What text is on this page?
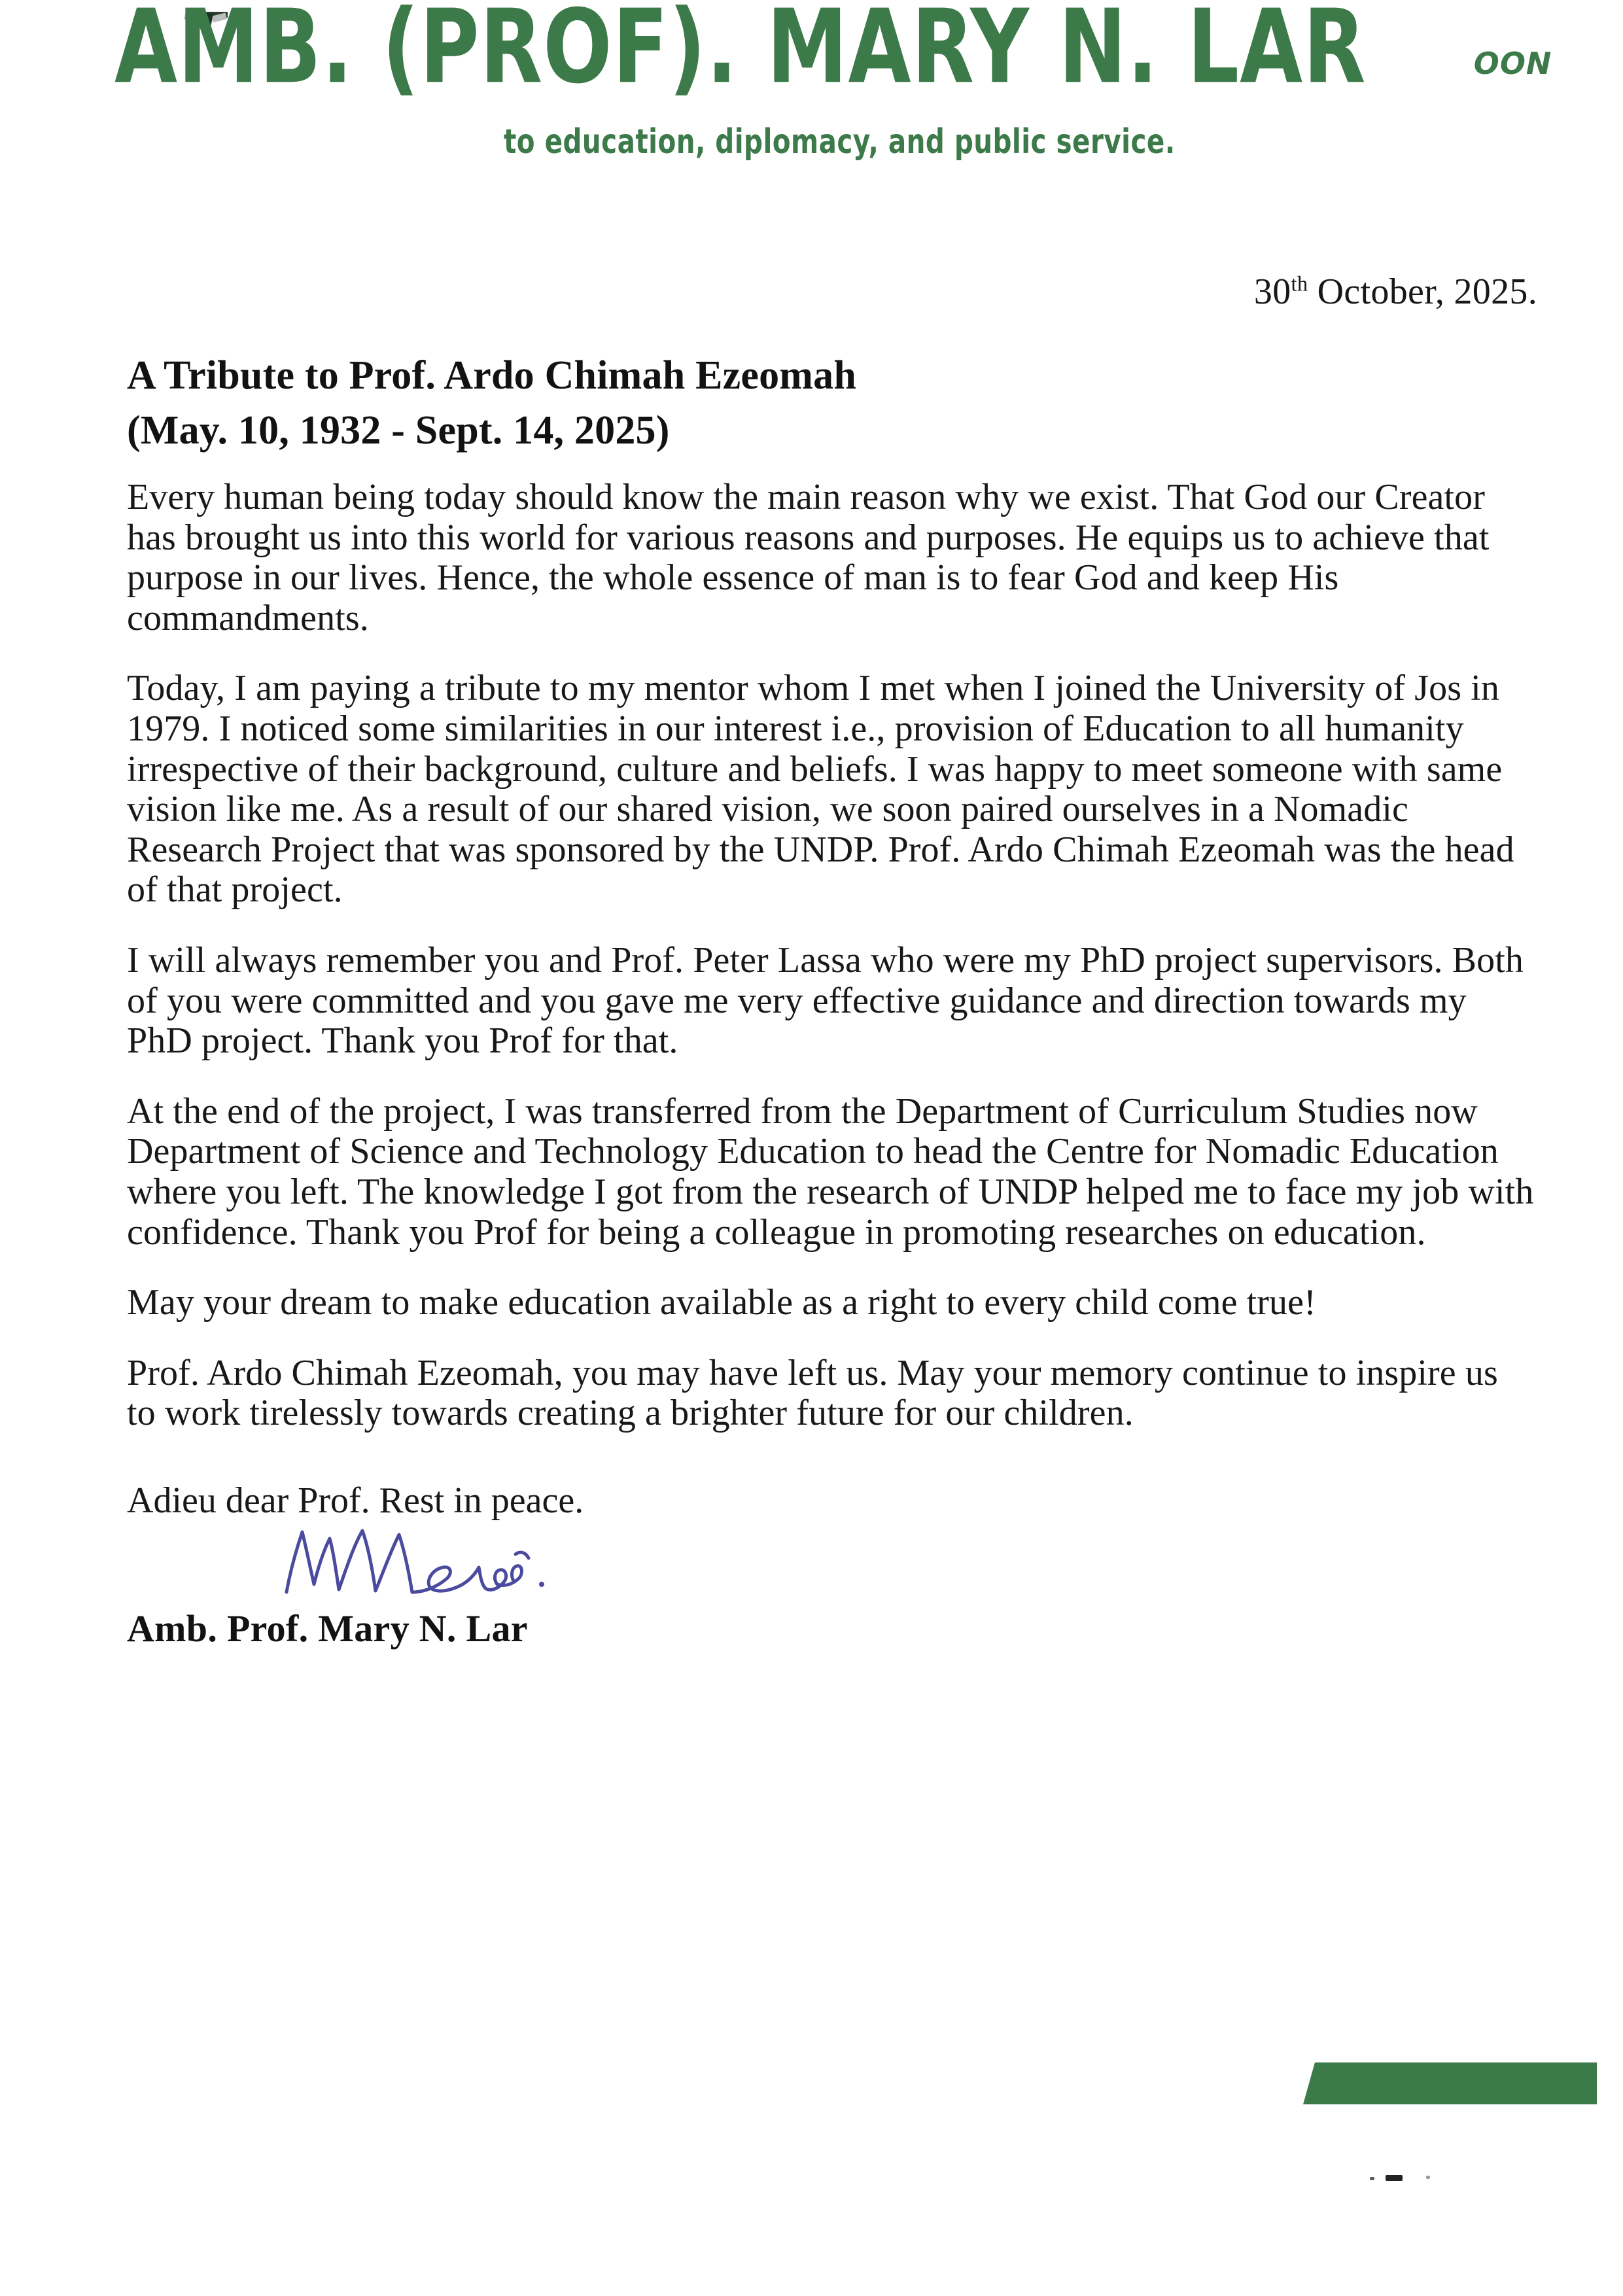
AMB. (PROF). MARY N. LAR	OON
to education, diplomacy, and public service.
30th October, 2025.
A Tribute to Prof. Ardo Chimah Ezeomah
(May. 10, 1932 - Sept. 14, 2025)

Every human being today should know the main reason why we exist. That God our Creator has brought us into this world for various reasons and purposes. He equips us to achieve that purpose in our lives. Hence, the whole essence of man is to fear God and keep His commandments.

Today, I am paying a tribute to my mentor whom I met when I joined the University of Jos in 1979. I noticed some similarities in our interest i.e., provision of Education to all humanity irrespective of their background, culture and beliefs. I was happy to meet someone with same vision like me. As a result of our shared vision, we soon paired ourselves in a Nomadic Research Project that was sponsored by the UNDP. Prof. Ardo Chimah Ezeomah was the head of that project.

I will always remember you and Prof. Peter Lassa who were my PhD project supervisors. Both of you were committed and you gave me very effective guidance and direction towards my PhD project. Thank you Prof for that.

At the end of the project, I was transferred from the Department of Curriculum Studies now Department of Science and Technology Education to head the Centre for Nomadic Education where you left. The knowledge I got from the research of UNDP helped me to face my job with confidence. Thank you Prof for being a colleague in promoting researches on education.

May your dream to make education available as a right to every child come true!

Prof. Ardo Chimah Ezeomah, you may have left us. May your memory continue to inspire us to work tirelessly towards creating a brighter future for our children.

Adieu dear Prof. Rest in peace.

Amb. Prof. Mary N. Lar
